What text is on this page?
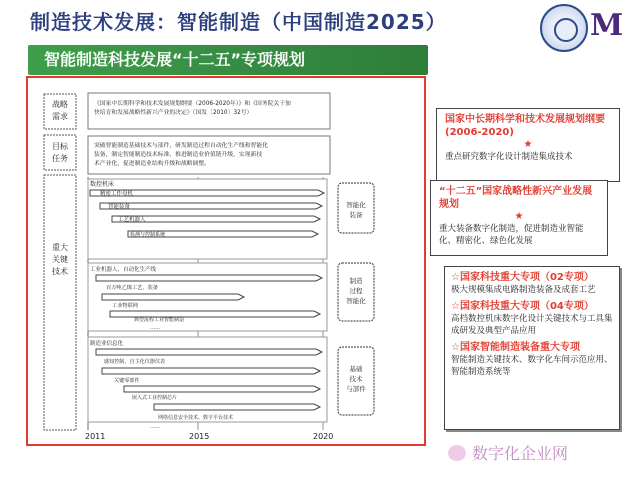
制造技术发展：智能制造（中国制造2025）	M
智能制造科技发展“十二五”专项规划
战略
需求
目标
任务
重大
关键
技术
《国家中长期科学和技术发展规划纲要（2006-2020年）》和《国务院关于加
快培育和发展战略性新兴产业的决定》（国发〔2010〕32号）
突破智能制造基础技术与部件，研发制造过程自动化生产线和智能化
装备，制定智能制造技术标准，推进制造业价值链升级，实现新技
术产业化，促进制造业结构升级和战略调整。
数控机床
精密工作母机
智能装备
工艺机器人
检测与控制系统
智能化
装备
工业机器人、自动化生产线
百万吨乙烯工艺、装备
工业物联网
典型流程工业智能制造
……
制造
过程
智能化
制造业信息化
感知控制、自主化仪器仪表
关键零部件
嵌入式工业控制芯片
网络信息安全技术、数字平台技术
……
基础
技术
与部件
2011	2015	2020
国家中长期科学和技术发展规划纲要(2006-2020)
★
重点研究数字化设计制造集成技术
“十二五”国家战略性新兴产业发展规划
★
重大装备数字化制造，促进制造业智能化、精密化、绿色化发展
☆国家科技重大专项（02专项）
极大规模集成电路制造装备及成套工艺
☆国家科技重大专项（04专项）
高档数控机床数字化设计关键技术与工具集成研发及典型产品应用
☆国家智能制造装备重大专项
智能制造关键技术、数字化车间示范应用、智能制造系统等
数字化企业网
